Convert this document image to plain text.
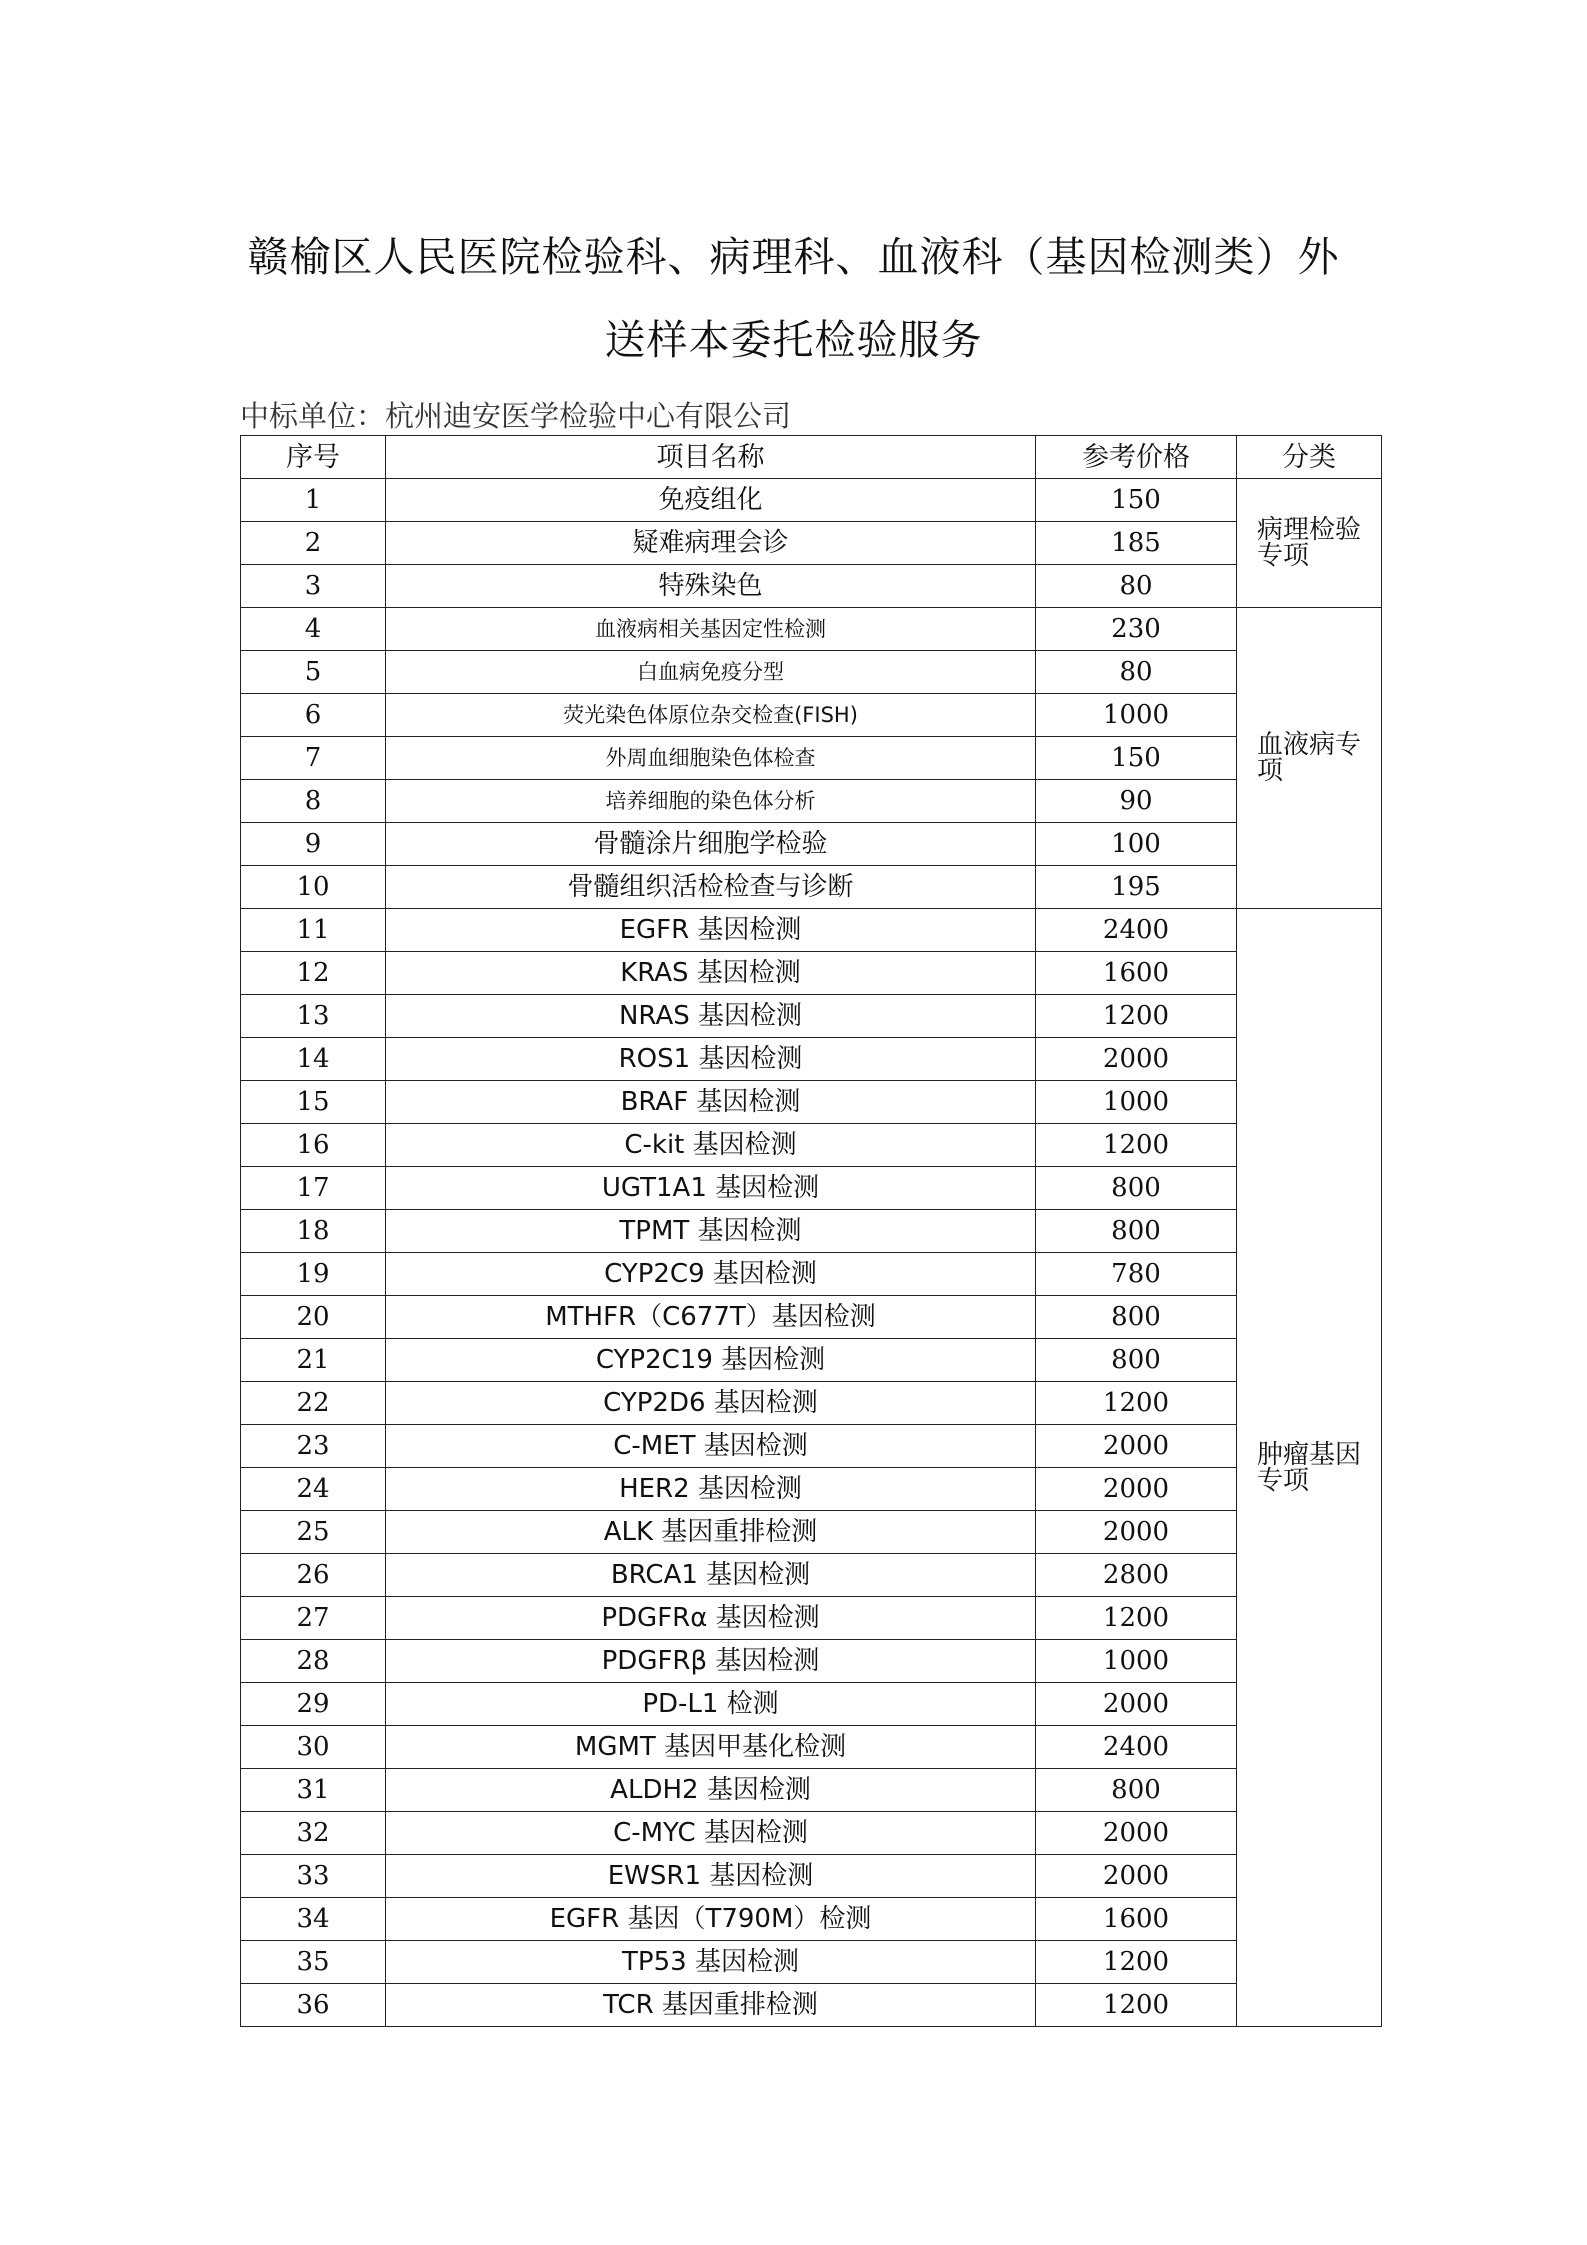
赣榆区人民医院检验科、病理科、血液科（基因检测类）外
送样本委托检验服务
中标单位：杭州迪安医学检验中心有限公司
序号	项目名称	参考价格	分类
1	免疫组化	150	病理检验专项
2	疑难病理会诊	185	
3	特殊染色	80	
4	血液病相关基因定性检测	230	血液病专项
5	白血病免疫分型	80	
6	荧光染色体原位杂交检查(FISH)	1000	
7	外周血细胞染色体检查	150	
8	培养细胞的染色体分析	90	
9	骨髓涂片细胞学检验	100	
10	骨髓组织活检检查与诊断	195	
11	EGFR 基因检测	2400	肿瘤基因专项
12	KRAS 基因检测	1600	
13	NRAS 基因检测	1200	
14	ROS1 基因检测	2000	
15	BRAF 基因检测	1000	
16	C-kit 基因检测	1200	
17	UGT1A1 基因检测	800	
18	TPMT 基因检测	800	
19	CYP2C9 基因检测	780	
20	MTHFR（C677T）基因检测	800	
21	CYP2C19 基因检测	800	
22	CYP2D6 基因检测	1200	
23	C-MET 基因检测	2000	
24	HER2 基因检测	2000	
25	ALK 基因重排检测	2000	
26	BRCA1 基因检测	2800	
27	PDGFRα 基因检测	1200	
28	PDGFRβ 基因检测	1000	
29	PD-L1 检测	2000	
30	MGMT 基因甲基化检测	2400	
31	ALDH2 基因检测	800	
32	C-MYC 基因检测	2000	
33	EWSR1 基因检测	2000	
34	EGFR 基因（T790M）检测	1600	
35	TP53 基因检测	1200	
36	TCR 基因重排检测	1200	
